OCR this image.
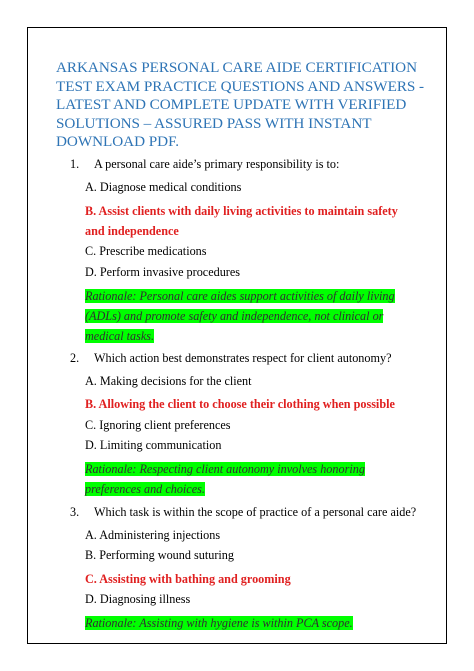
ARKANSAS PERSONAL CARE AIDE CERTIFICATION TEST EXAM PRACTICE QUESTIONS AND ANSWERS - LATEST AND COMPLETE UPDATE WITH VERIFIED SOLUTIONS – ASSURED PASS WITH INSTANT DOWNLOAD PDF.
1.	A personal care aide’s primary responsibility is to:
A. Diagnose medical conditions
B. Assist clients with daily living activities to maintain safety and independence
C. Prescribe medications
D. Perform invasive procedures
Rationale: Personal care aides support activities of daily living (ADLs) and promote safety and independence, not clinical or medical tasks.
2.	Which action best demonstrates respect for client autonomy?
A. Making decisions for the client
B. Allowing the client to choose their clothing when possible
C. Ignoring client preferences
D. Limiting communication
Rationale: Respecting client autonomy involves honoring preferences and choices.
3.	Which task is within the scope of practice of a personal care aide?
A. Administering injections
B. Performing wound suturing
C. Assisting with bathing and grooming
D. Diagnosing illness
Rationale: Assisting with hygiene is within PCA scope.
